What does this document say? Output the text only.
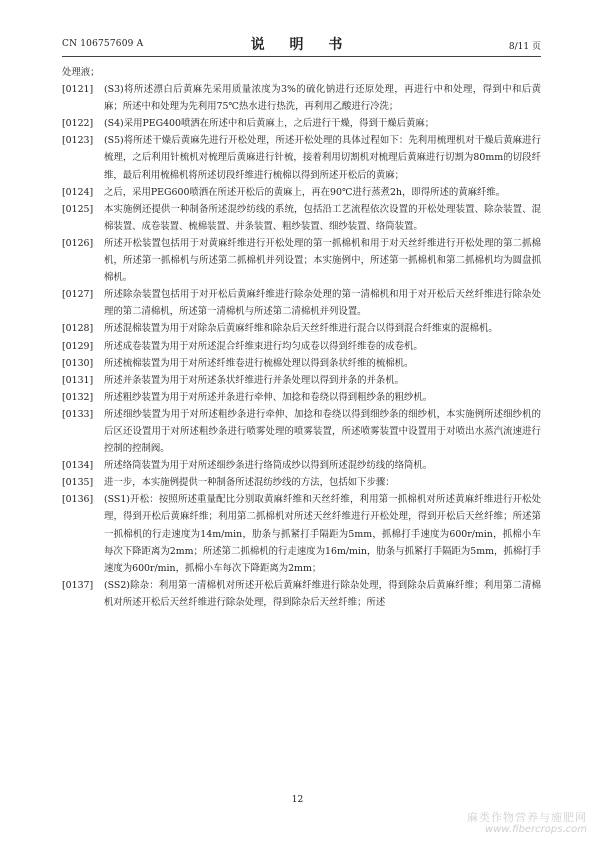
CN 106757609 A	说 明 书	8/11 页

处理液；

[0121] (S3)将所述漂白后黄麻先采用质量浓度为3%的硫化钠进行还原处理，再进行中和处理，得到中和后黄麻；所述中和处理为先利用75℃热水进行热洗，再利用乙酸进行冷洗；

[0122] (S4)采用PEG400喷洒在所述中和后黄麻上，之后进行干燥，得到干燥后黄麻；

[0123] (S5)将所述干燥后黄麻先进行开松处理，所述开松处理的具体过程如下：先利用梳理机对干燥后黄麻进行梳理，之后利用针梳机对梳理后黄麻进行针梳，接着利用切割机对梳理后黄麻进行切割为80mm的切段纤维，最后利用梳棉机将所述切段纤维进行梳棉以得到所述开松后的黄麻；

[0124] 之后，采用PEG600喷洒在所述开松后的黄麻上，再在90℃进行蒸煮2h，即得所述的黄麻纤维。

[0125] 本实施例还提供一种制备所述混纱纺线的系统，包括沿工艺流程依次设置的开松处理装置、除杂装置、混棉装置、成卷装置、梳棉装置、并条装置、粗纱装置、细纱装置、络筒装置。

[0126] 所述开松装置包括用于对黄麻纤维进行开松处理的第一抓棉机和用于对天丝纤维进行开松处理的第二抓棉机，所述第一抓棉机与所述第二抓棉机并列设置；本实施例中，所述第一抓棉机和第二抓棉机均为圆盘抓棉机。

[0127] 所述除杂装置包括用于对开松后黄麻纤维进行除杂处理的第一清棉机和用于对开松后天丝纤维进行除杂处理的第二清棉机，所述第一清棉机与所述第二清棉机并列设置。

[0128] 所述混棉装置为用于对除杂后黄麻纤维和除杂后天丝纤维进行混合以得到混合纤维束的混棉机。

[0129] 所述成卷装置为用于对所述混合纤维束进行均匀成卷以得到纤维卷的成卷机。

[0130] 所述梳棉装置为用于对所述纤维卷进行梳棉处理以得到条状纤维的梳棉机。

[0131] 所述并条装置为用于对所述条状纤维进行并条处理以得到并条的并条机。

[0132] 所述粗纱装置为用于对所述并条进行牵伸、加捻和卷绕以得到粗纱条的粗纱机。

[0133] 所述细纱装置为用于对所述粗纱条进行牵伸、加捻和卷绕以得到细纱条的细纱机，本实施例所述细纱机的后区还设置用于对所述粗纱条进行喷雾处理的喷雾装置，所述喷雾装置中设置用于对喷出水蒸汽流速进行控制的控制阀。

[0134] 所述络筒装置为用于对所述细纱条进行络筒成纱以得到所述混纱纺线的络筒机。

[0135] 进一步，本实施例提供一种制备所述混纺纱线的方法，包括如下步骤：

[0136] (SS1)开松：按照所述重量配比分别取黄麻纤维和天丝纤维，利用第一抓棉机对所述黄麻纤维进行开松处理，得到开松后黄麻纤维；利用第二抓棉机对所述天丝纤维进行开松处理，得到开松后天丝纤维；所述第一抓棉机的行走速度为14m/min，肋条与抓紧打手隔距为5mm，抓棉打手速度为600r/min，抓棉小车每次下降距离为2mm；所述第二抓棉机的行走速度为16m/min，肋条与抓紧打手隔距为5mm，抓棉打手速度为600r/min，抓棉小车每次下降距离为2mm；

[0137] (SS2)除杂：利用第一清棉机对所述开松后黄麻纤维进行除杂处理，得到除杂后黄麻纤维；利用第二清棉机对所述开松后天丝纤维进行除杂处理，得到除杂后天丝纤维；所述

12
麻类作物营养与施肥网
www.fibercrops.com
